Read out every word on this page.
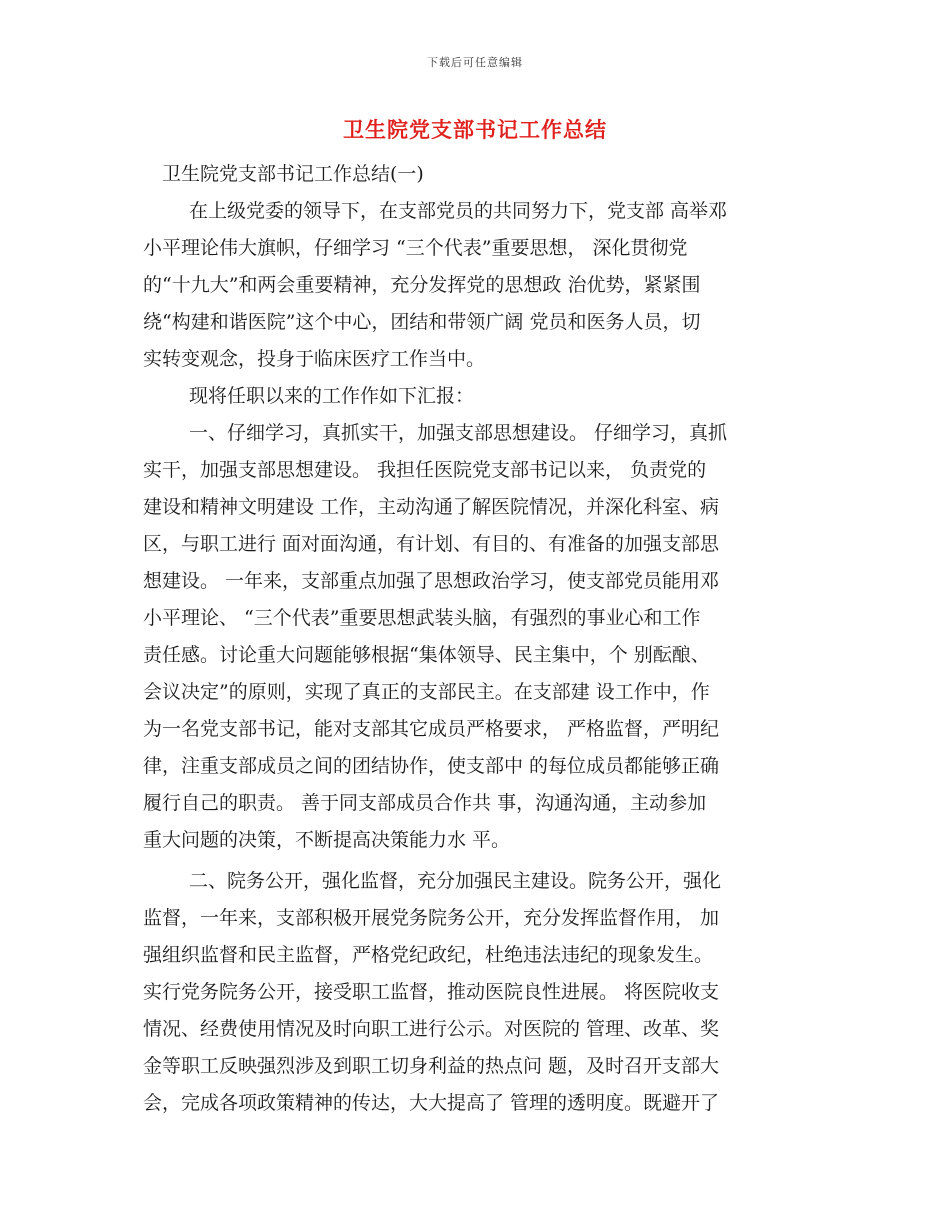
下载后可任意编辑
卫生院党支部书记工作总结
卫生院党支部书记工作总结(一)
在上级党委的领导下，在支部党员的共同努力下，党支部 高举邓
小平理论伟大旗帜，仔细学习 “三个代表”重要思想， 深化贯彻党
的“十九大”和两会重要精神，充分发挥党的思想政 治优势，紧紧围
绕“构建和谐医院”这个中心，团结和带领广阔 党员和医务人员，切
实转变观念，投身于临床医疗工作当中。
现将任职以来的工作作如下汇报：
一、仔细学习，真抓实干，加强支部思想建设。 仔细学习，真抓
实干，加强支部思想建设。 我担任医院党支部书记以来， 负责党的
建设和精神文明建设 工作，主动沟通了解医院情况，并深化科室、病
区，与职工进行 面对面沟通，有计划、有目的、有准备的加强支部思
想建设。 一年来，支部重点加强了思想政治学习，使支部党员能用邓
小平理论、 “三个代表”重要思想武装头脑，有强烈的事业心和工作
责任感。讨论重大问题能够根据“集体领导、民主集中，个 别酝酿、
会议决定”的原则，实现了真正的支部民主。在支部建 设工作中，作
为一名党支部书记，能对支部其它成员严格要求， 严格监督，严明纪
律，注重支部成员之间的团结协作，使支部中 的每位成员都能够正确
履行自己的职责。 善于同支部成员合作共 事，沟通沟通，主动参加
重大问题的决策，不断提高决策能力水 平。
二、院务公开，强化监督，充分加强民主建设。院务公开，强化
监督，一年来，支部积极开展党务院务公开，充分发挥监督作用， 加
强组织监督和民主监督，严格党纪政纪，杜绝违法违纪的现象发生。
实行党务院务公开，接受职工监督，推动医院良性进展。 将医院收支
情况、经费使用情况及时向职工进行公示。对医院的 管理、改革、奖
金等职工反映强烈涉及到职工切身利益的热点问 题，及时召开支部大
会，完成各项政策精神的传达，大大提高了 管理的透明度。既避开了
